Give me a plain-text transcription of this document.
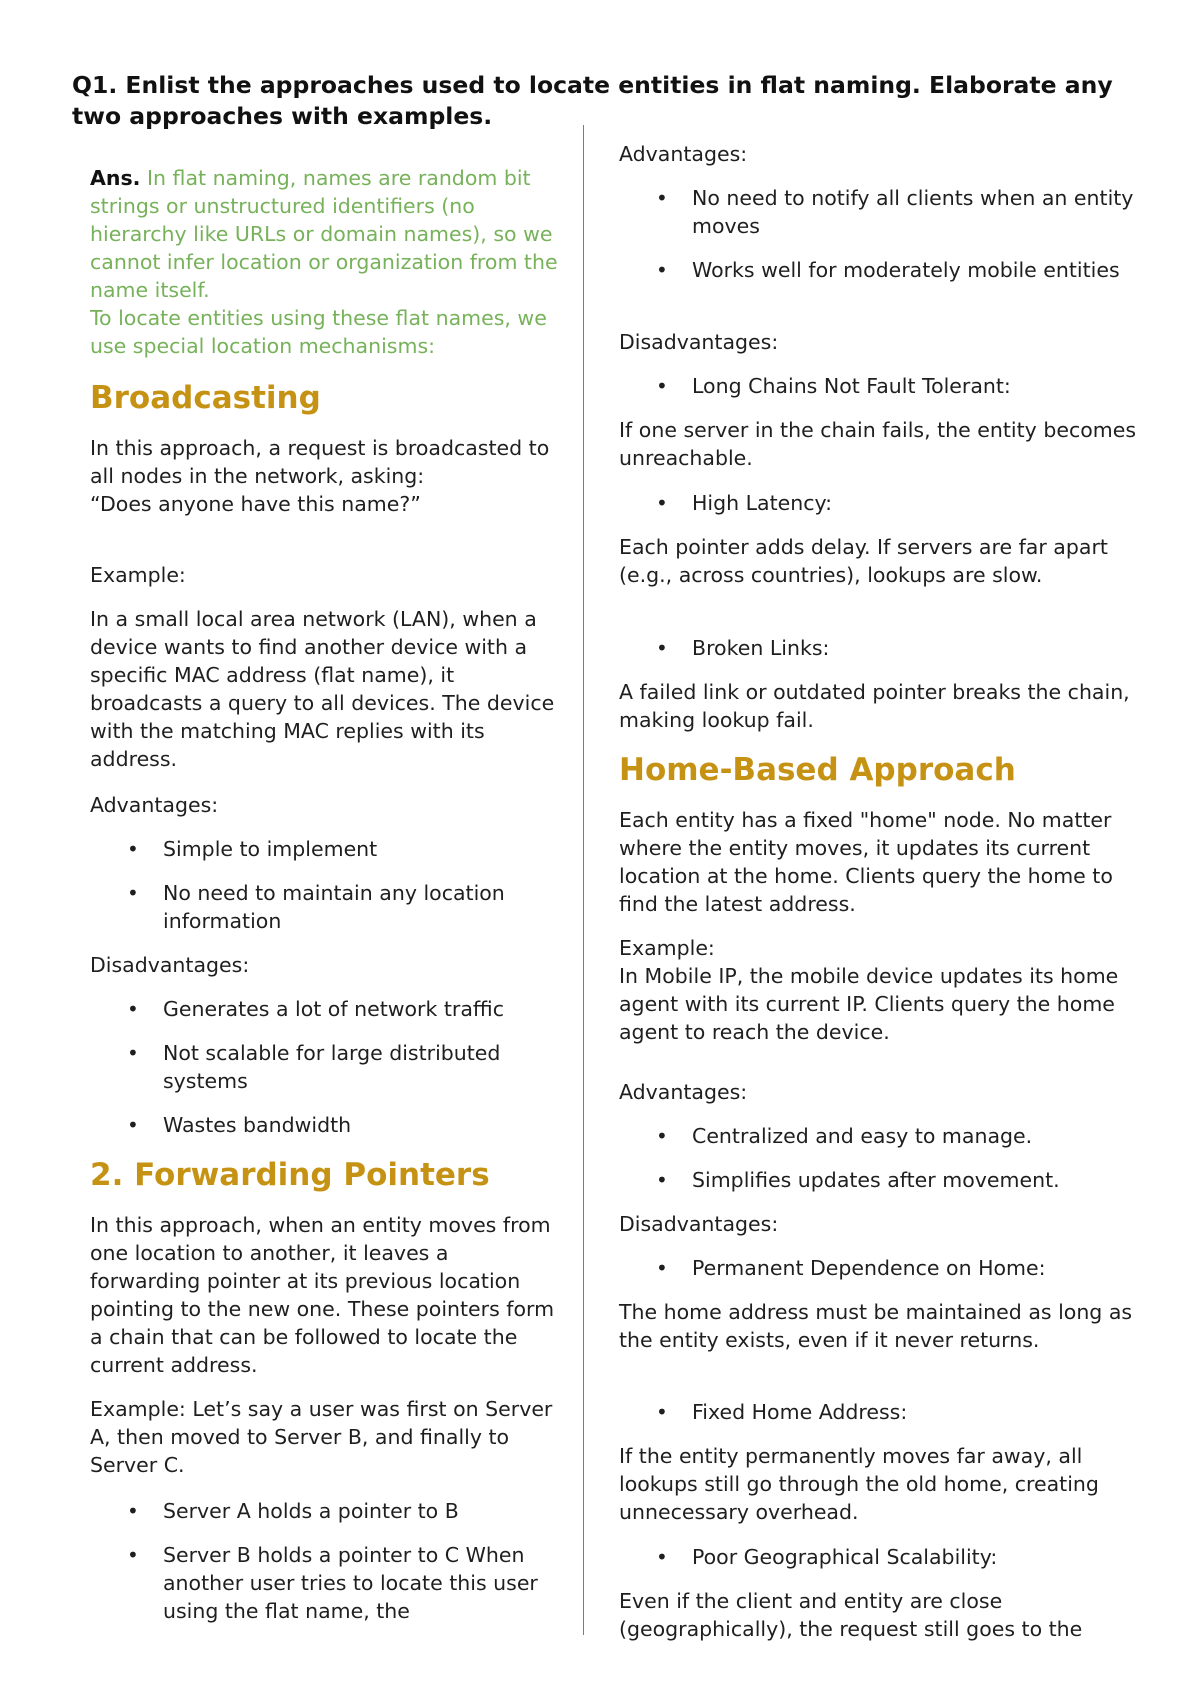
Q1. Enlist the approaches used to locate entities in flat naming. Elaborate any two approaches with examples.

Ans. In flat naming, names are random bit strings or unstructured identifiers (no hierarchy like URLs or domain names), so we cannot infer location or organization from the name itself.
To locate entities using these flat names, we use special location mechanisms:

Broadcasting

In this approach, a request is broadcasted to all nodes in the network, asking:
“Does anyone have this name?”

Example:

In a small local area network (LAN), when a device wants to find another device with a specific MAC address (flat name), it broadcasts a query to all devices. The device with the matching MAC replies with its address.

Advantages:

• Simple to implement
• No need to maintain any location information

Disadvantages:

• Generates a lot of network traffic
• Not scalable for large distributed systems
• Wastes bandwidth
2. Forwarding Pointers

In this approach, when an entity moves from one location to another, it leaves a forwarding pointer at its previous location pointing to the new one. These pointers form a chain that can be followed to locate the current address.

Example: Let’s say a user was first on Server A, then moved to Server B, and finally to Server C.

• Server A holds a pointer to B
• Server B holds a pointer to C When another user tries to locate this user using the flat name, the

Advantages:

• No need to notify all clients when an entity moves
• Works well for moderately mobile entities

Disadvantages:

• Long Chains Not Fault Tolerant:

If one server in the chain fails, the entity becomes unreachable.

• High Latency:

Each pointer adds delay. If servers are far apart (e.g., across countries), lookups are slow.

• Broken Links:

A failed link or outdated pointer breaks the chain, making lookup fail.

Home-Based Approach

Each entity has a fixed "home" node. No matter where the entity moves, it updates its current location at the home. Clients query the home to find the latest address.

Example:
In Mobile IP, the mobile device updates its home agent with its current IP. Clients query the home agent to reach the device.

Advantages:

• Centralized and easy to manage.
• Simplifies updates after movement.

Disadvantages:

• Permanent Dependence on Home:

The home address must be maintained as long as the entity exists, even if it never returns.

• Fixed Home Address:

If the entity permanently moves far away, all lookups still go through the old home, creating unnecessary overhead.

• Poor Geographical Scalability:

Even if the client and entity are close (geographically), the request still goes to the
